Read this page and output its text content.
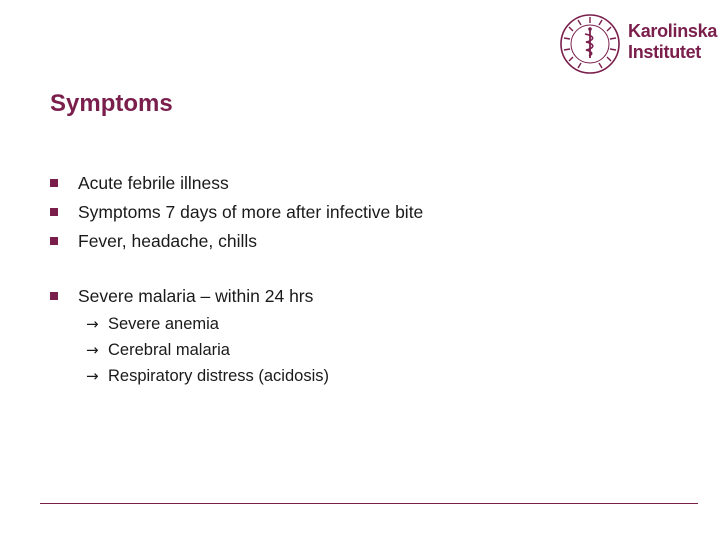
Karolinska
Institutet
Symptoms
Acute febrile illness
Symptoms 7 days of more after infective bite
Fever, headache, chills
Severe malaria – within 24 hrs
→ Severe anemia
→ Cerebral malaria
→ Respiratory distress (acidosis)
